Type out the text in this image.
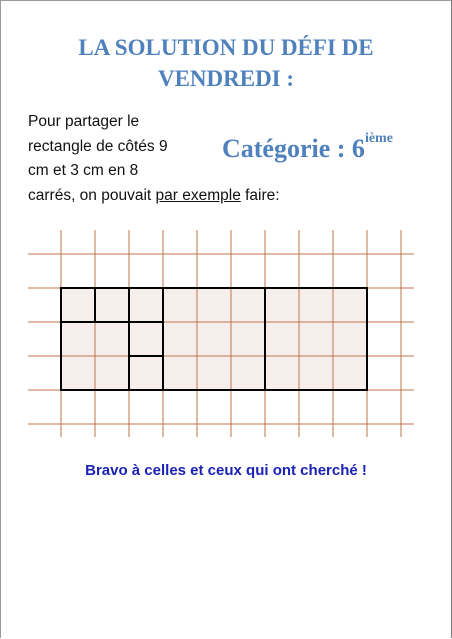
LA SOLUTION DU DÉFI DE
VENDREDI :

Pour partager le
rectangle de côtés 9
cm et 3 cm en 8
carrés, on pouvait par exemple faire:

Catégorie : 6ième

Bravo à celles et ceux qui ont cherché !
